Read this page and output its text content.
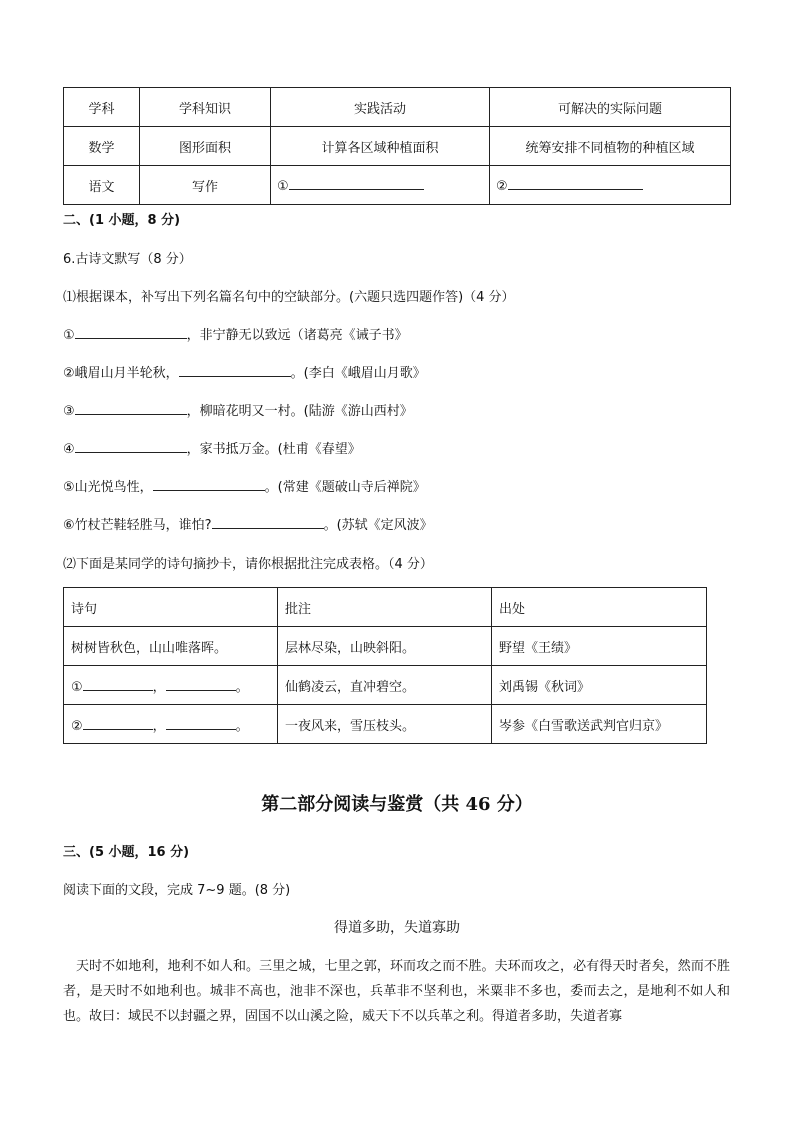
学科	学科知识	实践活动	可解决的实际问题
数学	图形面积	计算各区域种植面积	统筹安排不同植物的种植区域
语文	写作	①	②
二、(1 小题，8 分)
6.古诗文默写（8 分）
⑴根据课本，补写出下列名篇名句中的空缺部分。(六题只选四题作答)（4 分）
①	，非宁静无以致远（诸葛亮《诫子书》
②峨眉山月半轮秋，	。(李白《峨眉山月歌》
③	，柳暗花明又一村。(陆游《游山西村》
④	，家书抵万金。(杜甫《春望》
⑤山光悦鸟性，	。(常建《题破山寺后禅院》
⑥竹杖芒鞋轻胜马，谁怕?	。(苏轼《定风波》
⑵下面是某同学的诗句摘抄卡，请你根据批注完成表格。（4 分）
诗句	批注	出处
树树皆秋色，山山唯落晖。	层林尽染，山映斜阳。	野望《王绩》
① ， 。	仙鹤凌云，直冲碧空。	刘禹锡《秋词》
② ， 。	一夜风来，雪压枝头。	岑参《白雪歌送武判官归京》
第二部分阅读与鉴赏（共 46 分）
三、(5 小题，16 分)
阅读下面的文段，完成 7~9 题。(8 分)
得道多助，失道寡助

天时不如地利，地利不如人和。三里之城，七里之郭，环而攻之而不胜。夫环而攻之，必有得天时者矣，然而不胜者，是天时不如地利也。城非不高也，池非不深也，兵革非不坚利也，米粟非不多也，委而去之，是地利不如人和也。故曰：域民不以封疆之界，固国不以山溪之险，威天下不以兵革之利。得道者多助，失道者寡
